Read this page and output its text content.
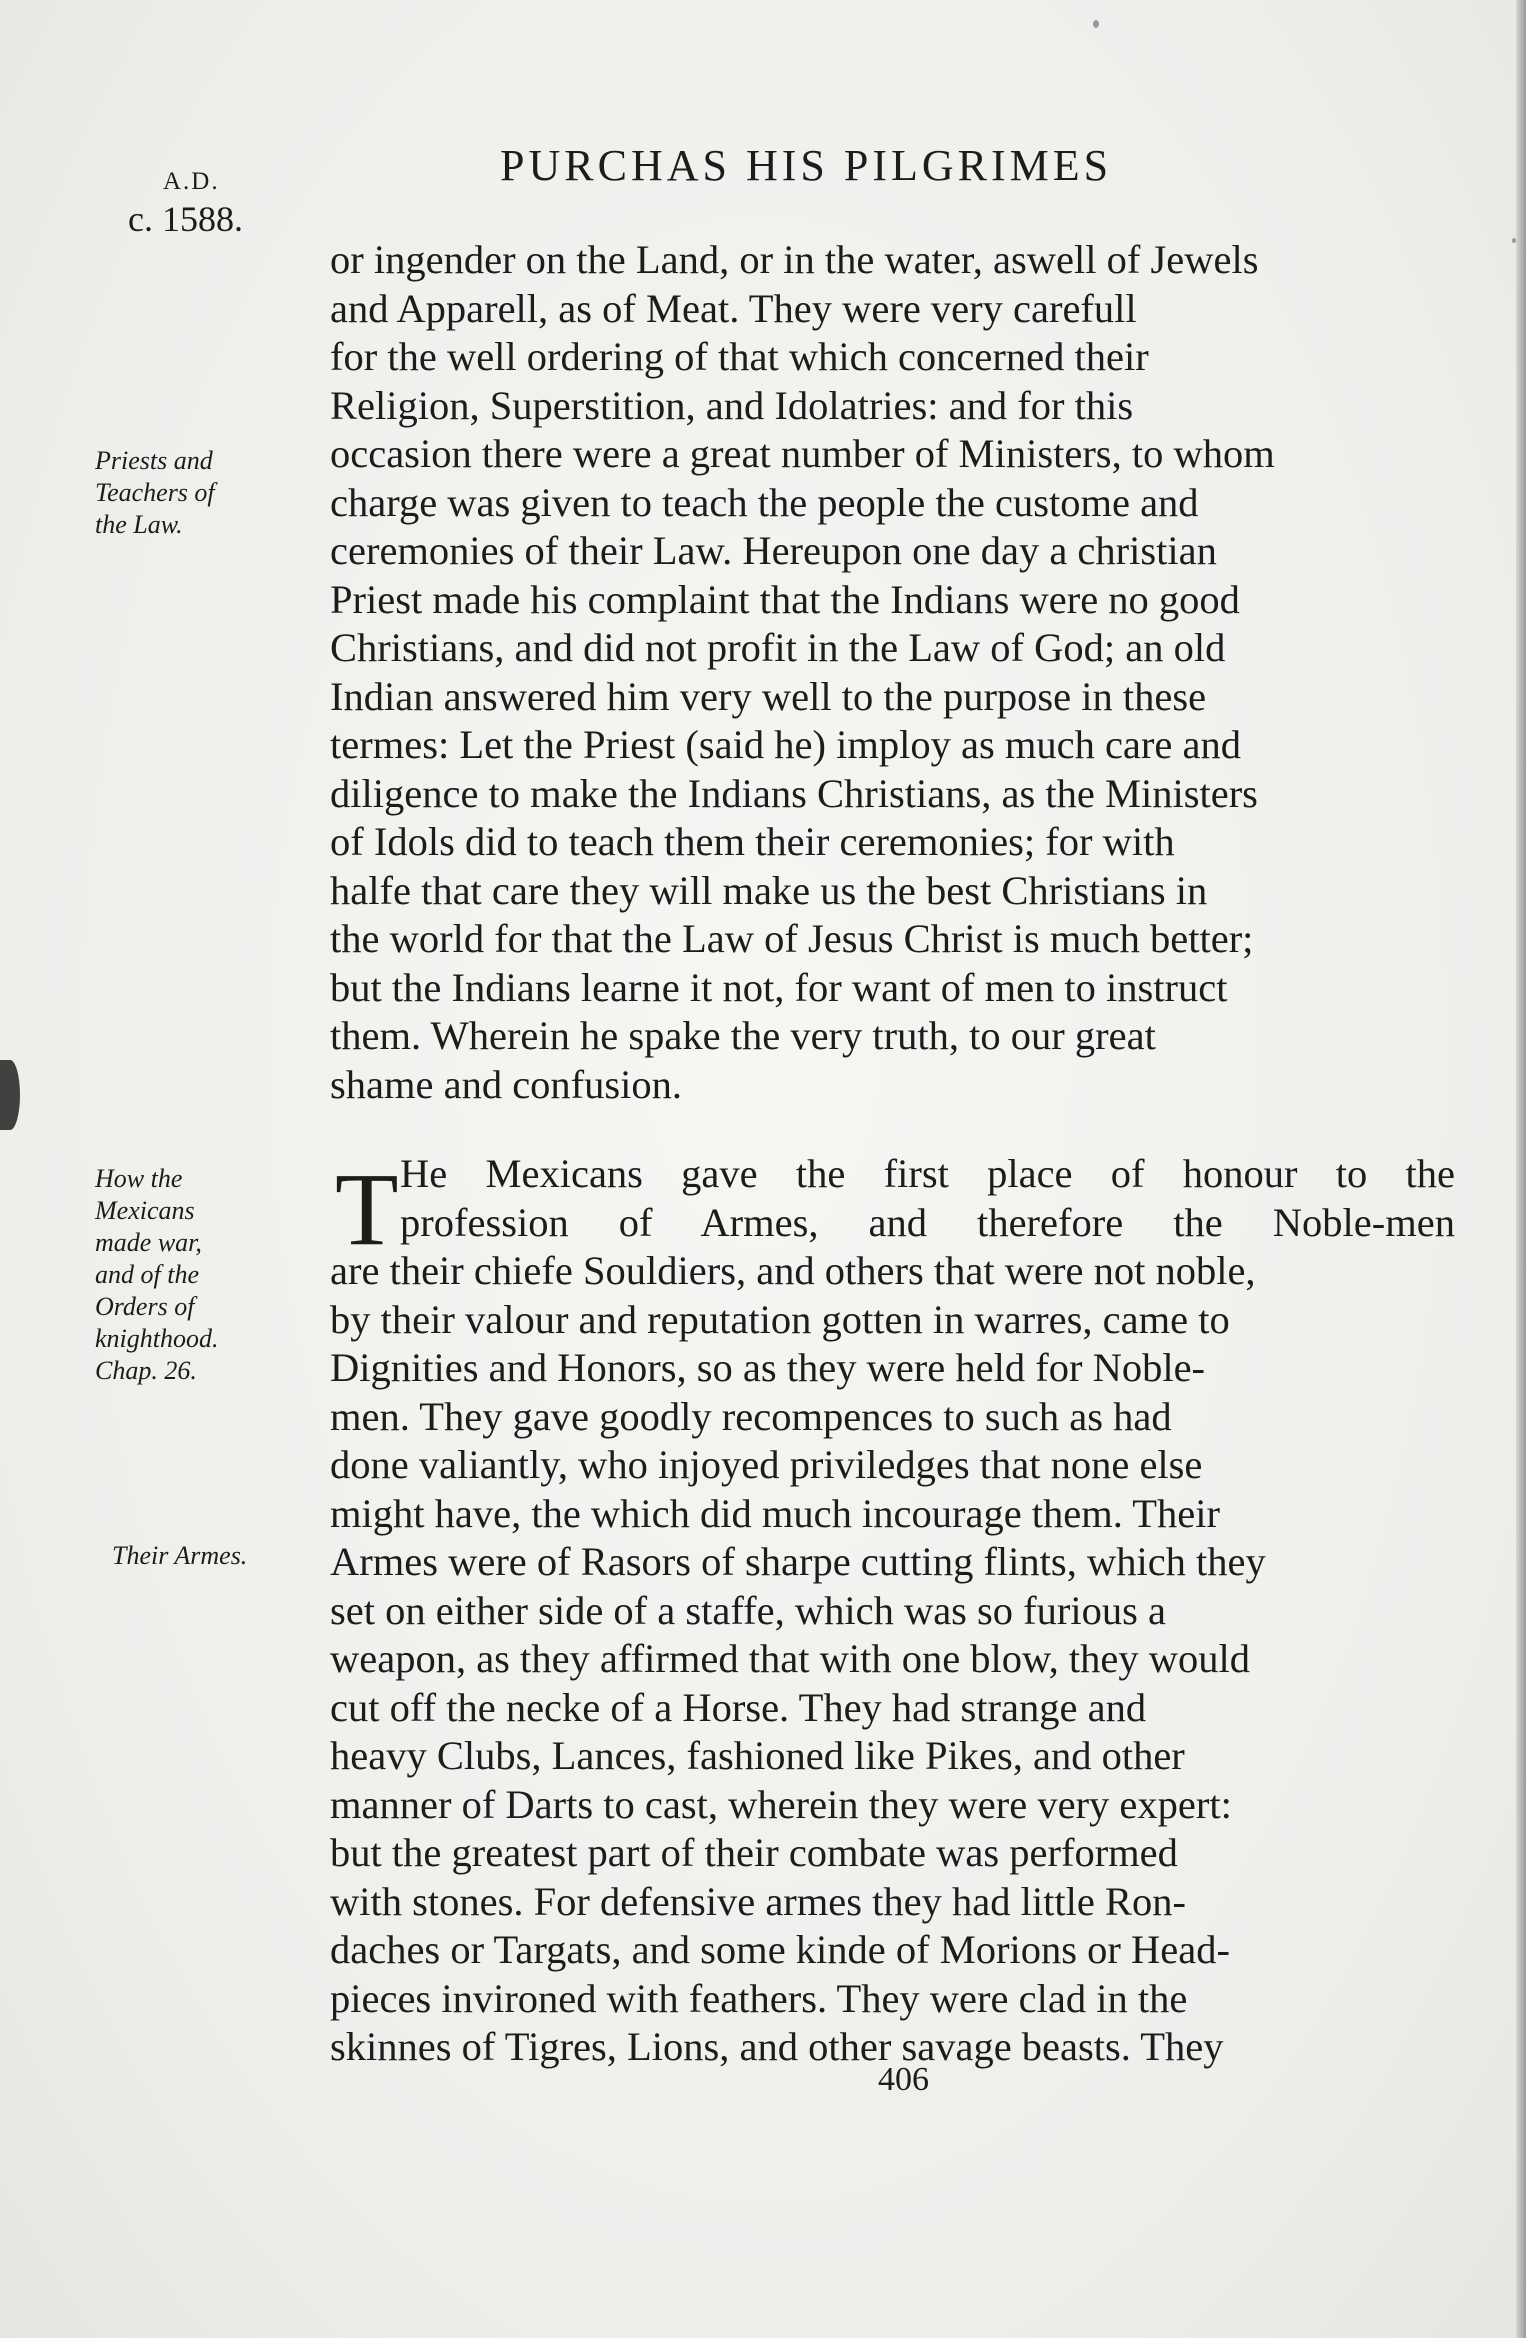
A.D.
c. 1588.
PURCHAS HIS PILGRIMES
Priests and
Teachers of
the Law.
How the
Mexicans
made war,
and of the
Orders of
knighthood.
Chap. 26.
Their Armes.
or ingender on the Land, or in the water, aswell of Jewels
and Apparell, as of Meat. They were very carefull
for the well ordering of that which concerned their
Religion, Superstition, and Idolatries: and for this
occasion there were a great number of Ministers, to whom
charge was given to teach the people the custome and
ceremonies of their Law. Hereupon one day a christian
Priest made his complaint that the Indians were no good
Christians, and did not profit in the Law of God; an old
Indian answered him very well to the purpose in these
termes: Let the Priest (said he) imploy as much care and
diligence to make the Indians Christians, as the Ministers
of Idols did to teach them their ceremonies; for with
halfe that care they will make us the best Christians in
the world for that the Law of Jesus Christ is much better;
but the Indians learne it not, for want of men to instruct
them. Wherein he spake the very truth, to our great
shame and confusion.
T He Mexicans gave the first place of honour to the
profession of Armes, and therefore the Noble-men
are their chiefe Souldiers, and others that were not noble,
by their valour and reputation gotten in warres, came to
Dignities and Honors, so as they were held for Noble-
men. They gave goodly recompences to such as had
done valiantly, who injoyed priviledges that none else
might have, the which did much incourage them. Their
Armes were of Rasors of sharpe cutting flints, which they
set on either side of a staffe, which was so furious a
weapon, as they affirmed that with one blow, they would
cut off the necke of a Horse. They had strange and
heavy Clubs, Lances, fashioned like Pikes, and other
manner of Darts to cast, wherein they were very expert:
but the greatest part of their combate was performed
with stones. For defensive armes they had little Ron-
daches or Targats, and some kinde of Morions or Head-
pieces invironed with feathers. They were clad in the
skinnes of Tigres, Lions, and other savage beasts. They
406
